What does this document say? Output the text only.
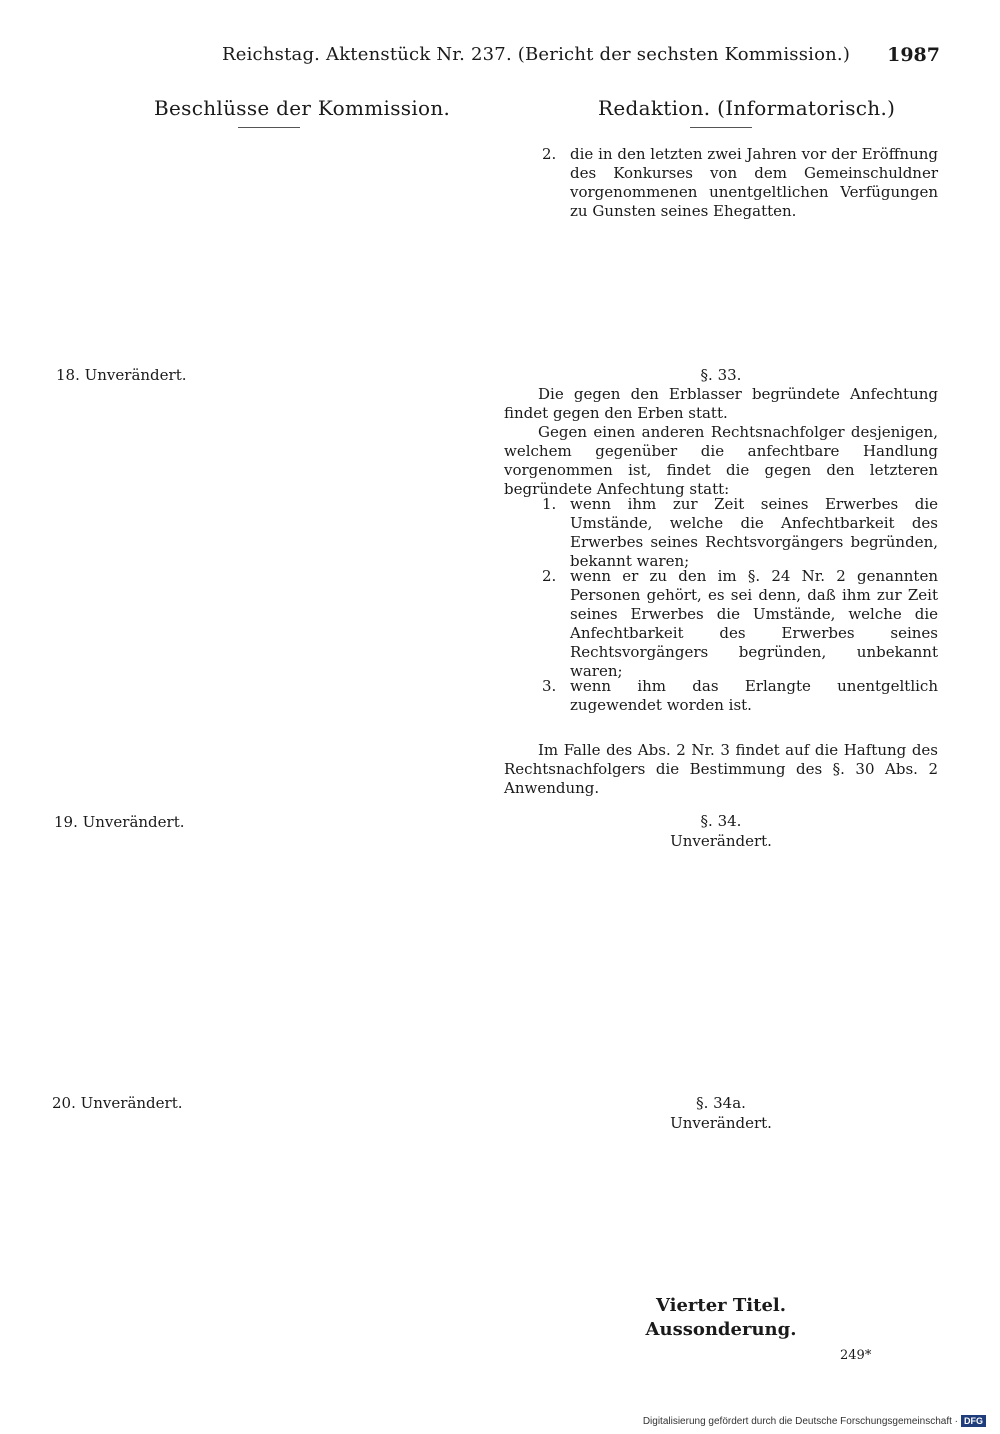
Reichstag. Aktenstück Nr. 237. (Bericht der sechsten Kommission.) 1987
Beschlüsse der Kommission.	Redaktion. (Informatorisch.)
2. die in den letzten zwei Jahren vor der Eröffnung des Konkurses von dem Gemeinschuldner vorgenommenen unentgeltlichen Verfügungen zu Gunsten seines Ehegatten.
18. Unverändert.
19. Unverändert.
20. Unverändert.
§. 33.
Die gegen den Erblasser begründete Anfechtung findet gegen den Erben statt.
Gegen einen anderen Rechtsnachfolger desjenigen, welchem gegenüber die anfechtbare Handlung vorgenommen ist, findet die gegen den letzteren begründete Anfechtung statt:
1. wenn ihm zur Zeit seines Erwerbes die Umstände, welche die Anfechtbarkeit des Erwerbes seines Rechtsvorgängers begründen, bekannt waren;
2. wenn er zu den im §. 24 Nr. 2 genannten Personen gehört, es sei denn, daß ihm zur Zeit seines Erwerbes die Umstände, welche die Anfechtbarkeit des Erwerbes seines Rechtsvorgängers begründen, unbekannt waren;
3. wenn ihm das Erlangte unentgeltlich zugewendet worden ist.
Im Falle des Abs. 2 Nr. 3 findet auf die Haftung des Rechtsnachfolgers die Bestimmung des §. 30 Abs. 2 Anwendung.
§. 34.
Unverändert.
§. 34a.
Unverändert.
Vierter Titel.
Aussonderung.
249*
Digitalisierung gefördert durch die Deutsche Forschungsgemeinschaft · DFG
